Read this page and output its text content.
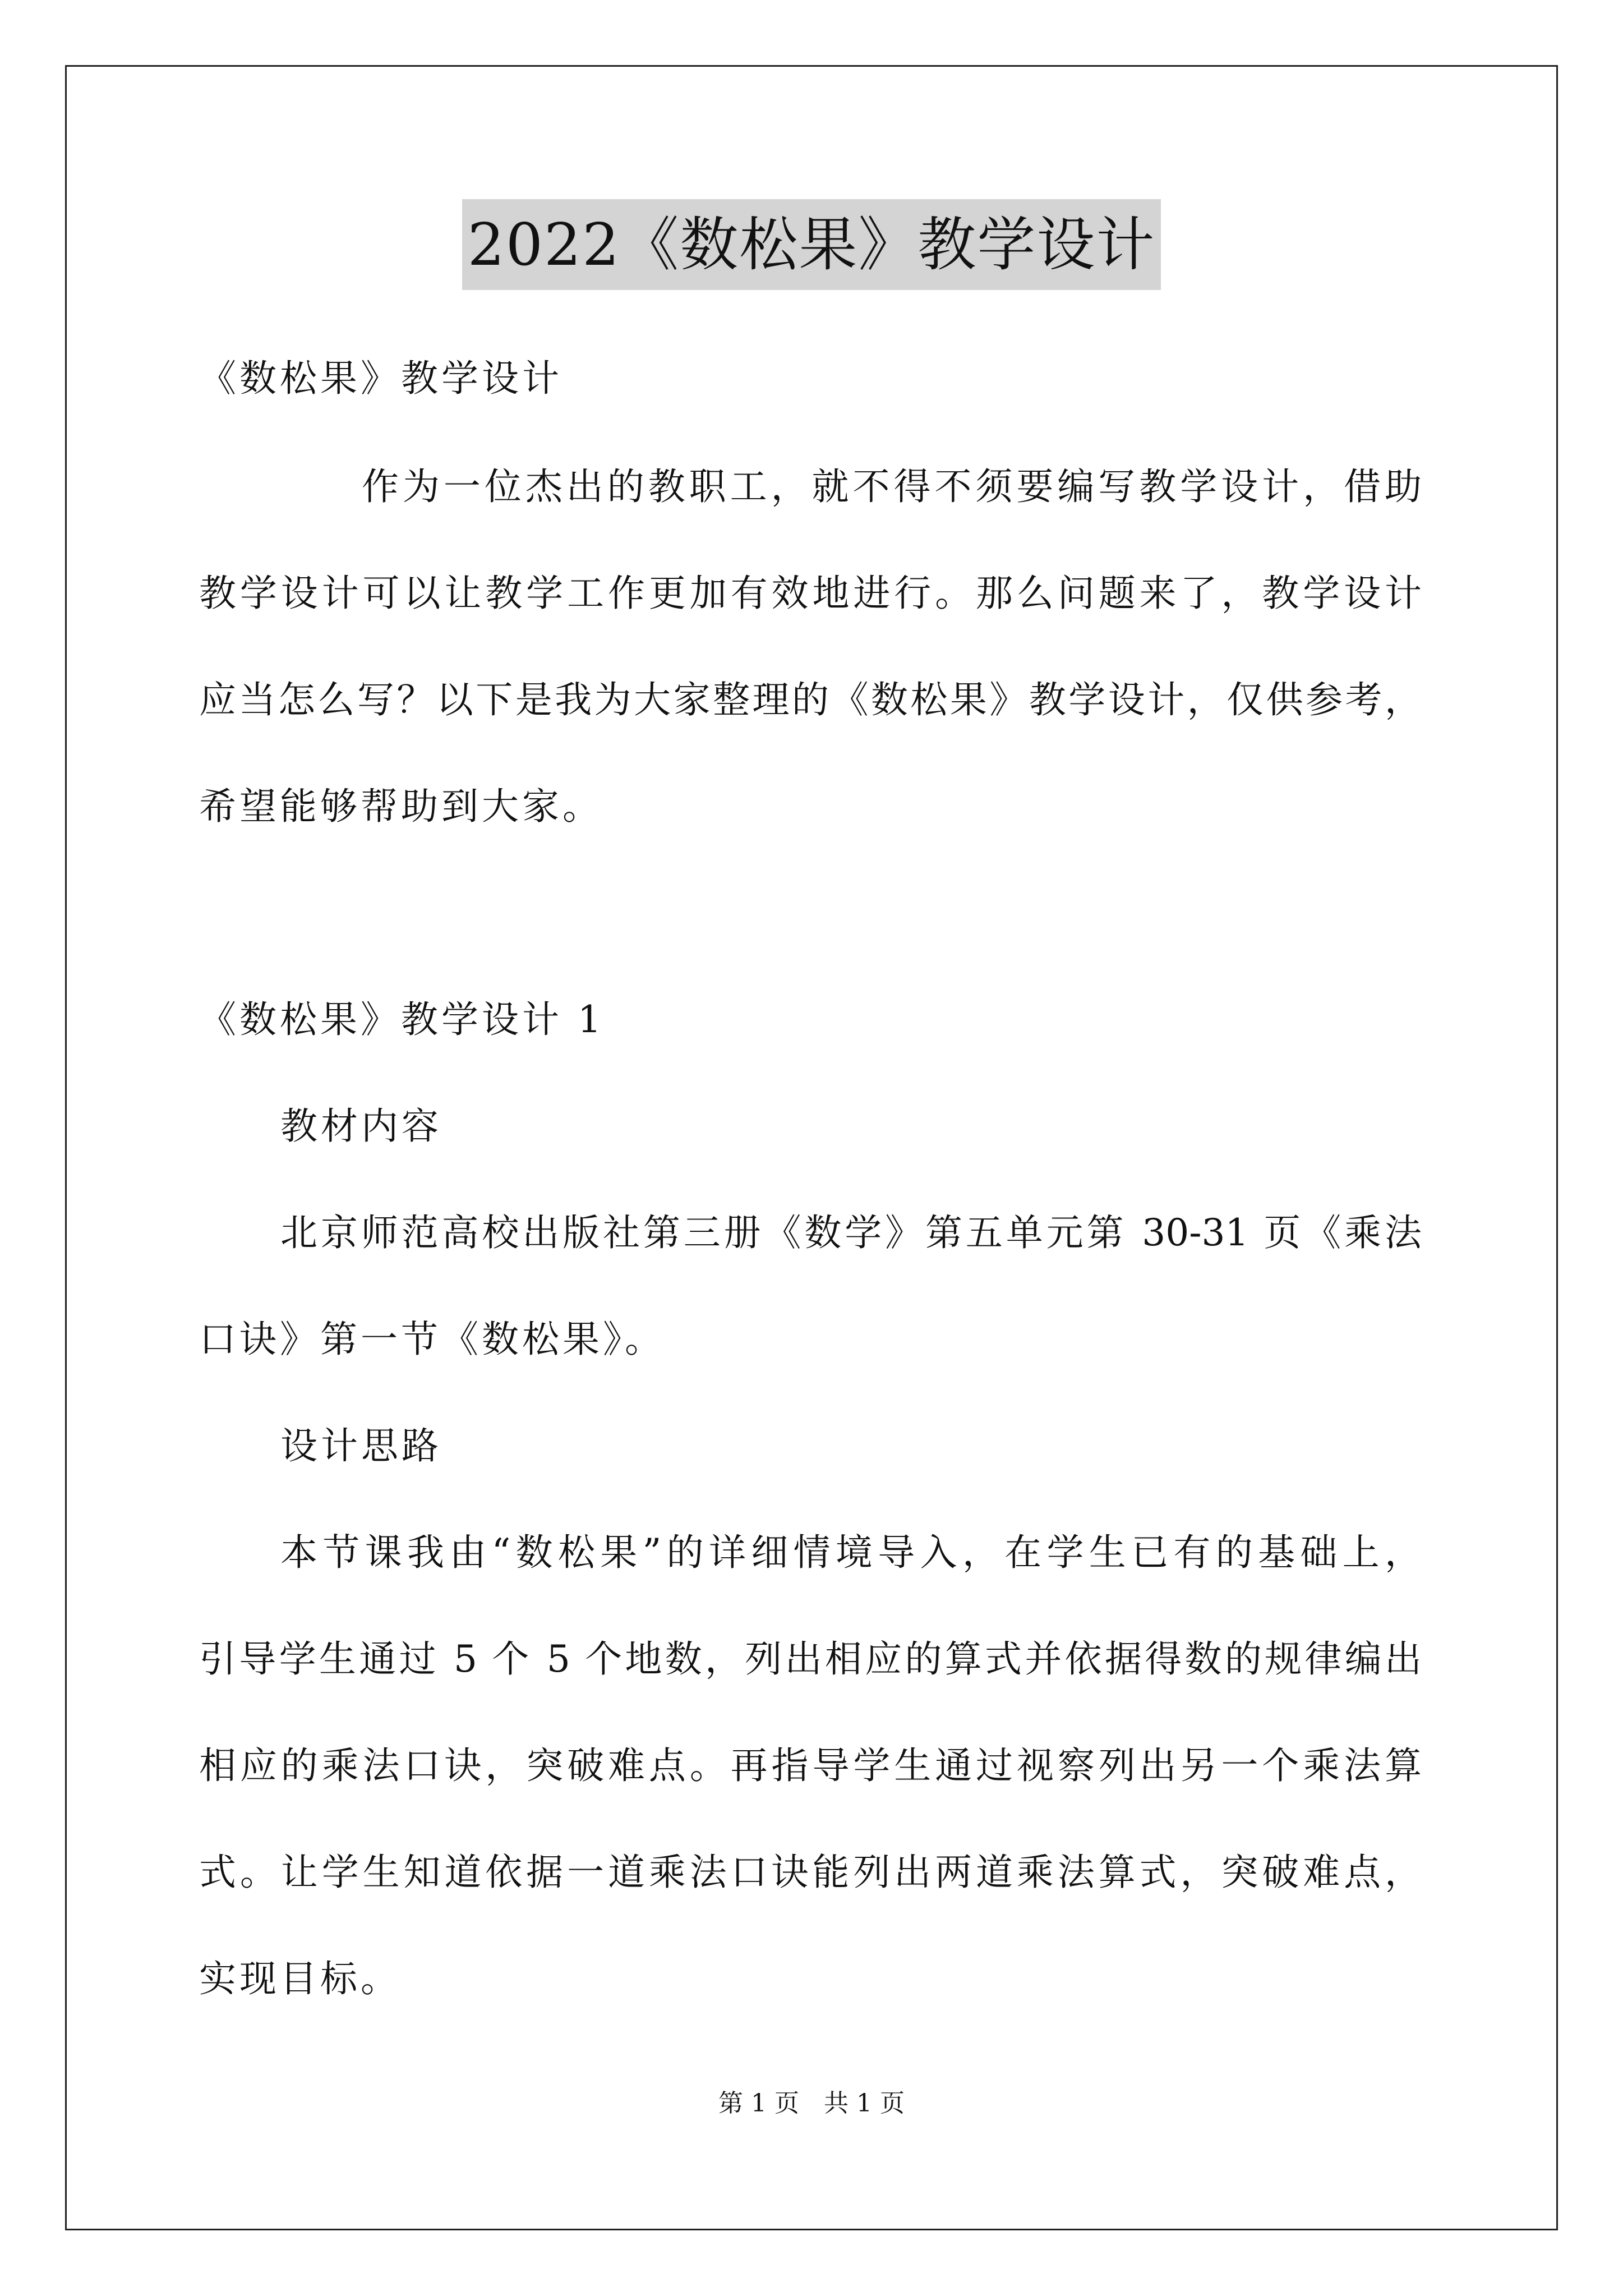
2022《数松果》教学设计
《数松果》教学设计
作为一位杰出的教职工，就不得不须要编写教学设计，借助
教学设计可以让教学工作更加有效地进行。那么问题来了，教学设计
应当怎么写？以下是我为大家整理的《数松果》教学设计，仅供参考，
希望能够帮助到大家。
《数松果》教学设计 1
教材内容
北京师范高校出版社第三册《数学》第五单元第 30-31 页《乘法
口诀》第一节《数松果》。
设计思路
本节课我由“数松果”的详细情境导入，在学生已有的基础上，
引导学生通过 5 个 5 个地数，列出相应的算式并依据得数的规律编出
相应的乘法口诀，突破难点。再指导学生通过视察列出另一个乘法算
式。让学生知道依据一道乘法口诀能列出两道乘法算式，突破难点，
实现目标。
第 1 页　共 1 页
